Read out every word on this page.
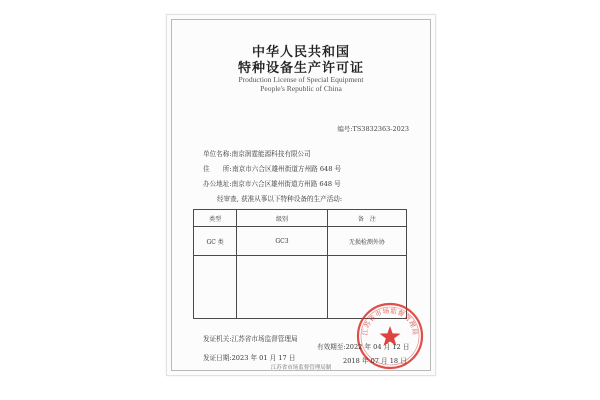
中华人民共和国
特种设备生产许可证
Production License of Special Equipment
People's Republic of China
编号:TS3832363-2023
单位名称:南京润霆能源科技有限公司
住　　所:南京市六合区雄州街道方州路 648 号
办公地址:南京市六合区雄州街道方州路 648 号
经审查, 获准从事以下特种设备的生产活动:
类型	级别	备　注
GC 类	GC3	无损检测外协

发证机关:江苏省市场监督管理局
发证日期:2023 年 01 月 17 日
江苏省市场监督管理局
有效期至:2022 年 04 月 12 日
2018 年 07 月 18 日
江苏省市场监督管理局制
